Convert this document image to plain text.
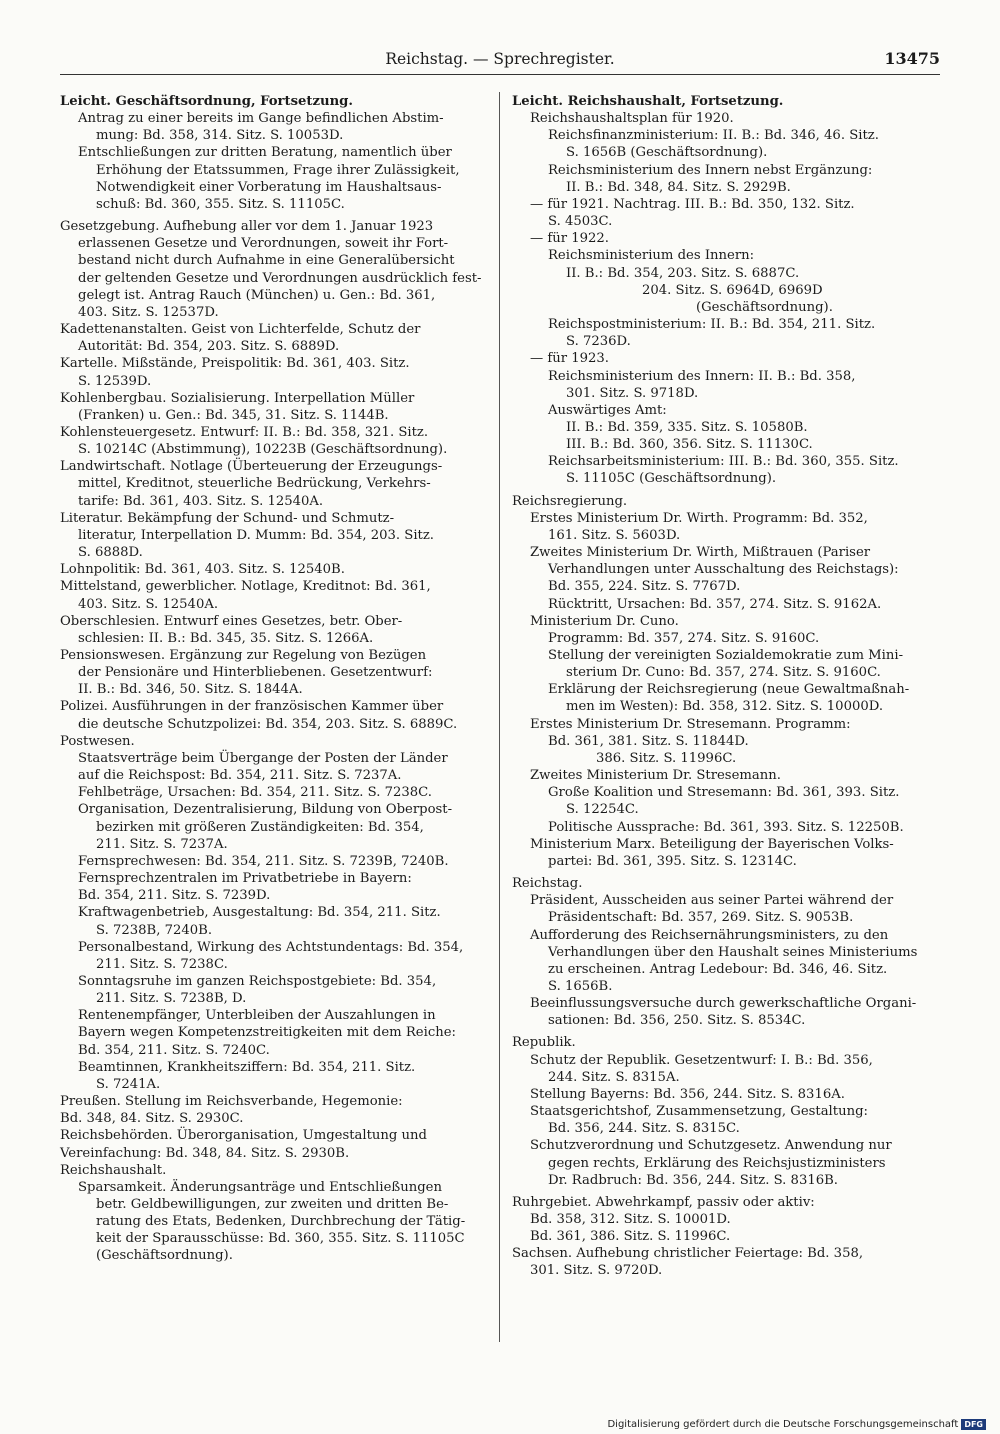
Reichstag. — Sprechregister.	13475
Leicht. Geschäftsordnung, Fortsetzung.
Antrag zu einer bereits im Gange befindlichen Abstim-
mung: Bd. 358, 314. Sitz. S. 10053D.
Entschließungen zur dritten Beratung, namentlich über
Erhöhung der Etatssummen, Frage ihrer Zulässigkeit,
Notwendigkeit einer Vorberatung im Haushaltsaus-
schuß: Bd. 360, 355. Sitz. S. 11105C.
Gesetzgebung. Aufhebung aller vor dem 1. Januar 1923
erlassenen Gesetze und Verordnungen, soweit ihr Fort-
bestand nicht durch Aufnahme in eine Generalübersicht
der geltenden Gesetze und Verordnungen ausdrücklich fest-
gelegt ist. Antrag Rauch (München) u. Gen.: Bd. 361,
403. Sitz. S. 12537D.
Kadettenanstalten. Geist von Lichterfelde, Schutz der
Autorität: Bd. 354, 203. Sitz. S. 6889D.
Kartelle. Mißstände, Preispolitik: Bd. 361, 403. Sitz.
S. 12539D.
Kohlenbergbau. Sozialisierung. Interpellation Müller
(Franken) u. Gen.: Bd. 345, 31. Sitz. S. 1144B.
Kohlensteuergesetz. Entwurf: II. B.: Bd. 358, 321. Sitz.
S. 10214C (Abstimmung), 10223B (Geschäftsordnung).
Landwirtschaft. Notlage (Überteuerung der Erzeugungs-
mittel, Kreditnot, steuerliche Bedrückung, Verkehrs-
tarife: Bd. 361, 403. Sitz. S. 12540A.
Literatur. Bekämpfung der Schund- und Schmutz-
literatur, Interpellation D. Mumm: Bd. 354, 203. Sitz.
S. 6888D.
Lohnpolitik: Bd. 361, 403. Sitz. S. 12540B.
Mittelstand, gewerblicher. Notlage, Kreditnot: Bd. 361,
403. Sitz. S. 12540A.
Oberschlesien. Entwurf eines Gesetzes, betr. Ober-
schlesien: II. B.: Bd. 345, 35. Sitz. S. 1266A.
Pensionswesen. Ergänzung zur Regelung von Bezügen
der Pensionäre und Hinterbliebenen. Gesetzentwurf:
II. B.: Bd. 346, 50. Sitz. S. 1844A.
Polizei. Ausführungen in der französischen Kammer über
die deutsche Schutzpolizei: Bd. 354, 203. Sitz. S. 6889C.
Postwesen.
Staatsverträge beim Übergange der Posten der Länder
auf die Reichspost: Bd. 354, 211. Sitz. S. 7237A.
Fehlbeträge, Ursachen: Bd. 354, 211. Sitz. S. 7238C.
Organisation, Dezentralisierung, Bildung von Oberpost-
bezirken mit größeren Zuständigkeiten: Bd. 354,
211. Sitz. S. 7237A.
Fernsprechwesen: Bd. 354, 211. Sitz. S. 7239B, 7240B.
Fernsprechzentralen im Privatbetriebe in Bayern:
Bd. 354, 211. Sitz. S. 7239D.
Kraftwagenbetrieb, Ausgestaltung: Bd. 354, 211. Sitz.
S. 7238B, 7240B.
Personalbestand, Wirkung des Achtstundentags: Bd. 354,
211. Sitz. S. 7238C.
Sonntagsruhe im ganzen Reichspostgebiete: Bd. 354,
211. Sitz. S. 7238B, D.
Rentenempfänger, Unterbleiben der Auszahlungen in
Bayern wegen Kompetenzstreitigkeiten mit dem Reiche:
Bd. 354, 211. Sitz. S. 7240C.
Beamtinnen, Krankheitsziffern: Bd. 354, 211. Sitz.
S. 7241A.
Preußen. Stellung im Reichsverbande, Hegemonie:
Bd. 348, 84. Sitz. S. 2930C.
Reichsbehörden. Überorganisation, Umgestaltung und
Vereinfachung: Bd. 348, 84. Sitz. S. 2930B.
Reichshaushalt.
Sparsamkeit. Änderungsanträge und Entschließungen
betr. Geldbewilligungen, zur zweiten und dritten Be-
ratung des Etats, Bedenken, Durchbrechung der Tätig-
keit der Sparausschüsse: Bd. 360, 355. Sitz. S. 11105C
(Geschäftsordnung).
Leicht. Reichshaushalt, Fortsetzung.
Reichshaushaltsplan für 1920.
Reichsfinanzministerium: II. B.: Bd. 346, 46. Sitz.
S. 1656B (Geschäftsordnung).
Reichsministerium des Innern nebst Ergänzung:
II. B.: Bd. 348, 84. Sitz. S. 2929B.
— für 1921. Nachtrag. III. B.: Bd. 350, 132. Sitz.
S. 4503C.
— für 1922.
Reichsministerium des Innern:
II. B.: Bd. 354, 203. Sitz. S. 6887C.
204. Sitz. S. 6964D, 6969D
(Geschäftsordnung).
Reichspostministerium: II. B.: Bd. 354, 211. Sitz.
S. 7236D.
— für 1923.
Reichsministerium des Innern: II. B.: Bd. 358,
301. Sitz. S. 9718D.
Auswärtiges Amt:
II. B.: Bd. 359, 335. Sitz. S. 10580B.
III. B.: Bd. 360, 356. Sitz. S. 11130C.
Reichsarbeitsministerium: III. B.: Bd. 360, 355. Sitz.
S. 11105C (Geschäftsordnung).
Reichsregierung.
Erstes Ministerium Dr. Wirth. Programm: Bd. 352,
161. Sitz. S. 5603D.
Zweites Ministerium Dr. Wirth, Mißtrauen (Pariser
Verhandlungen unter Ausschaltung des Reichstags):
Bd. 355, 224. Sitz. S. 7767D.
Rücktritt, Ursachen: Bd. 357, 274. Sitz. S. 9162A.
Ministerium Dr. Cuno.
Programm: Bd. 357, 274. Sitz. S. 9160C.
Stellung der vereinigten Sozialdemokratie zum Mini-
sterium Dr. Cuno: Bd. 357, 274. Sitz. S. 9160C.
Erklärung der Reichsregierung (neue Gewaltmaßnah-
men im Westen): Bd. 358, 312. Sitz. S. 10000D.
Erstes Ministerium Dr. Stresemann. Programm:
Bd. 361, 381. Sitz. S. 11844D.
386. Sitz. S. 11996C.
Zweites Ministerium Dr. Stresemann.
Große Koalition und Stresemann: Bd. 361, 393. Sitz.
S. 12254C.
Politische Aussprache: Bd. 361, 393. Sitz. S. 12250B.
Ministerium Marx. Beteiligung der Bayerischen Volks-
partei: Bd. 361, 395. Sitz. S. 12314C.
Reichstag.
Präsident, Ausscheiden aus seiner Partei während der
Präsidentschaft: Bd. 357, 269. Sitz. S. 9053B.
Aufforderung des Reichsernährungsministers, zu den
Verhandlungen über den Haushalt seines Ministeriums
zu erscheinen. Antrag Ledebour: Bd. 346, 46. Sitz.
S. 1656B.
Beeinflussungsversuche durch gewerkschaftliche Organi-
sationen: Bd. 356, 250. Sitz. S. 8534C.
Republik.
Schutz der Republik. Gesetzentwurf: I. B.: Bd. 356,
244. Sitz. S. 8315A.
Stellung Bayerns: Bd. 356, 244. Sitz. S. 8316A.
Staatsgerichtshof, Zusammensetzung, Gestaltung:
Bd. 356, 244. Sitz. S. 8315C.
Schutzverordnung und Schutzgesetz. Anwendung nur
gegen rechts, Erklärung des Reichsjustizministers
Dr. Radbruch: Bd. 356, 244. Sitz. S. 8316B.
Ruhrgebiet. Abwehrkampf, passiv oder aktiv:
Bd. 358, 312. Sitz. S. 10001D.
Bd. 361, 386. Sitz. S. 11996C.
Sachsen. Aufhebung christlicher Feiertage: Bd. 358,
301. Sitz. S. 9720D.
Digitalisierung gefördert durch die Deutsche Forschungsgemeinschaft DFG
